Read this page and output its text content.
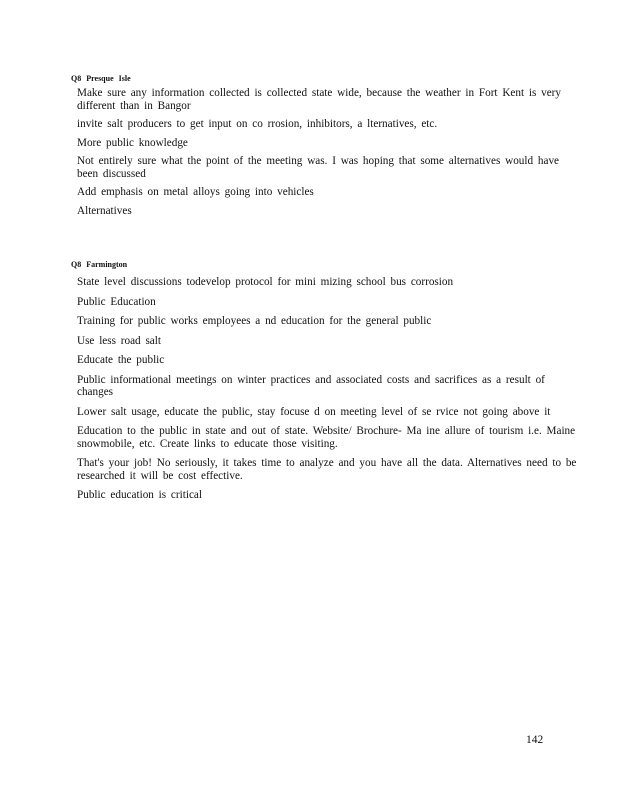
Q8 Presque Isle

Make sure any information collected is collected state wide, because the weather in Fort Kent is very different than in Bangor

invite salt producers to get input on co rrosion, inhibitors, a lternatives, etc.

More public knowledge

Not entirely sure what the point of the meeting was. I was hoping that some alternatives would have been discussed

Add emphasis on metal alloys going into vehicles

Alternatives

Q8 Farmington

State level discussions todevelop protocol for mini mizing school bus corrosion

Public Education

Training for public works employees a nd education for the general public

Use less road salt

Educate the public

Public informational meetings on winter practices and associated costs and sacrifices as a result of changes

Lower salt usage, educate the public, stay focuse d on meeting level of se rvice not going above it

Education to the public in state and out of state. Website/ Brochure- Ma ine allure of tourism i.e. Maine snowmobile, etc. Create links to educate those visiting.

That's your job! No seriously, it takes time to analyze and you have all the data. Alternatives need to be researched it will be cost effective.

Public education is critical

142
